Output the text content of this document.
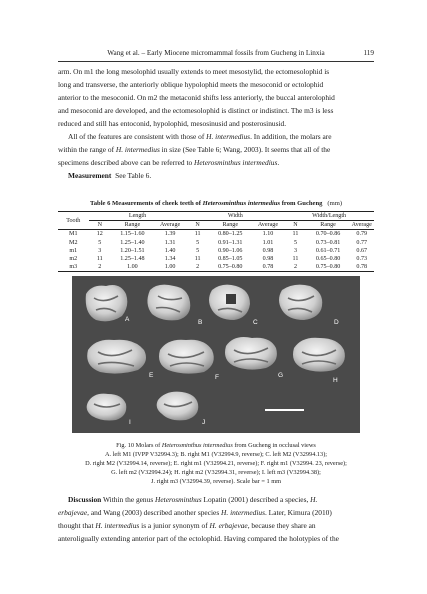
Wang et al. – Early Miocene micromammal fossils from Gucheng in Linxia	119

arm. On m1 the long mesolophid usually extends to meet mesostylid, the ectomesolophid is

long and transverse, the anteriorly oblique hypolophid meets the mesoconid or ectolophid

anterior to the mesoconid. On m2 the metaconid shifts less anteriorly, the buccal anterolophid

and mesoconid are developed, and the ectomesolophid is distinct or indistinct. The m3 is less

reduced and still has entoconid, hypolophid, mesosinusid and posterosinusid.

All of the features are consistent with those of H. intermedius. In addition, the molars are

within the range of H. intermedius in size (See Table 6; Wang, 2003). It seems that all of the

specimens described above can be referred to Heterosminthus intermedius.

Measurement See Table 6.

Table 6 Measurements of cheek teeth of Heterosminthus intermedius from Gucheng (mm)
Tooth	Length			Width			Width/Length		
	N	Range	Average	N	Range	Average	N	Range	Average
M1	12	1.15–1.60	1.39	11	0.80–1.25	1.10	11	0.70–0.86	0.79
M2	5	1.25–1.40	1.31	5	0.91–1.31	1.01	5	0.73–0.81	0.77
m1	3	1.20–1.51	1.40	5	0.90–1.06	0.98	3	0.61–0.71	0.67
m2	11	1.25–1.48	1.34	11	0.85–1.05	0.98	11	0.65–0.80	0.73
m3	2	1.00	1.00	2	0.75–0.80	0.78	2	0.75–0.80	0.78
A	B	C	D
E	F	G
H
I	J

Fig. 10 Molars of Heterosminthus intermedius from Gucheng in occlusal views

A. left M1 (IVPP V32994.3); B. right M1 (V32994.9, reverse); C. left M2 (V32994.13);

D. right M2 (V32994.14, reverse); E. right m1 (V32994.21, reverse); F. right m1 (V32994. 23, reverse);

G. left m2 (V32994.24); H. right m2 (V32994.31, reverse); I. left m3 (V32994.38);

J. right m3 (V32994.39, reverse). Scale bar = 1 mm

Discussion Within the genus Heterosminthus Lopatin (2001) described a species, H.

erbajevae, and Wang (2003) described another species H. intermedius. Later, Kimura (2010)

thought that H. intermedius is a junior synonym of H. erbajevae, because they share an

anteroligually extending anterior part of the ectolophid. Having compared the holotypies of the
